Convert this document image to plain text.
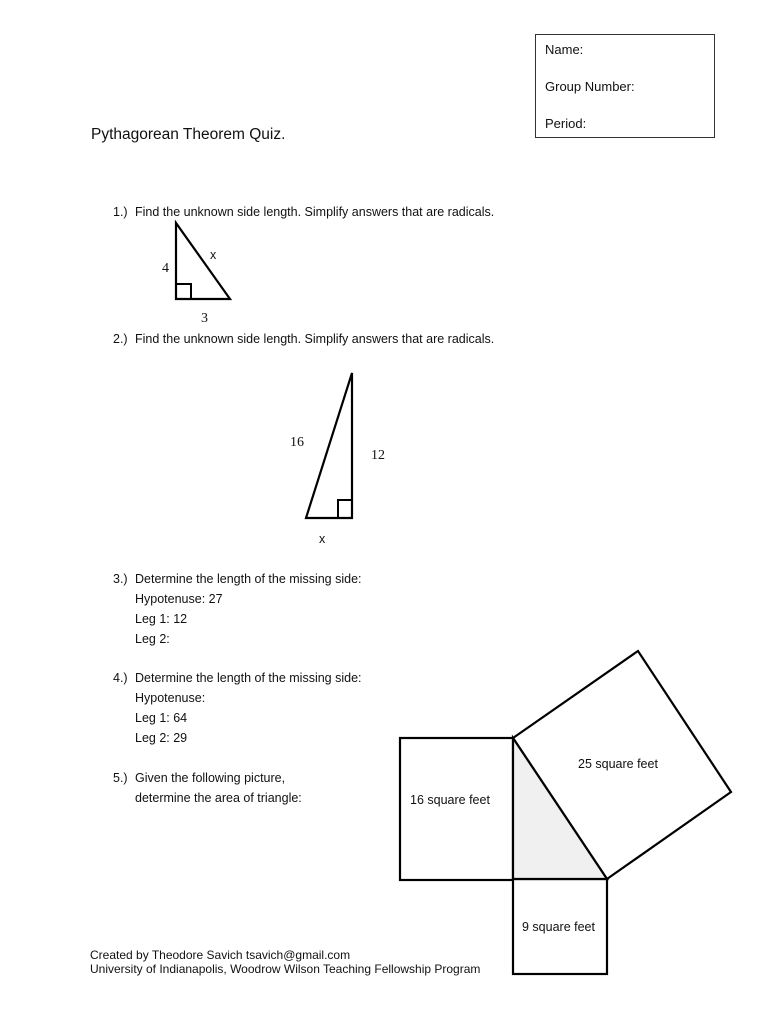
Name:
Group Number:
Period:
Pythagorean Theorem Quiz.
1.) Find the unknown side length. Simplify answers that are radicals.
4
x
3
2.) Find the unknown side length. Simplify answers that are radicals.
16
12
x
3.) Determine the length of the missing side:
Hypotenuse: 27
Leg 1: 12
Leg 2:
4.) Determine the length of the missing side:
Hypotenuse:
Leg 1: 64
Leg 2: 29
5.) Given the following picture,
determine the area of triangle:	16 square feet
25 square feet
9 square feet
Created by Theodore Savich tsavich@gmail.com
University of Indianapolis, Woodrow Wilson Teaching Fellowship Program
